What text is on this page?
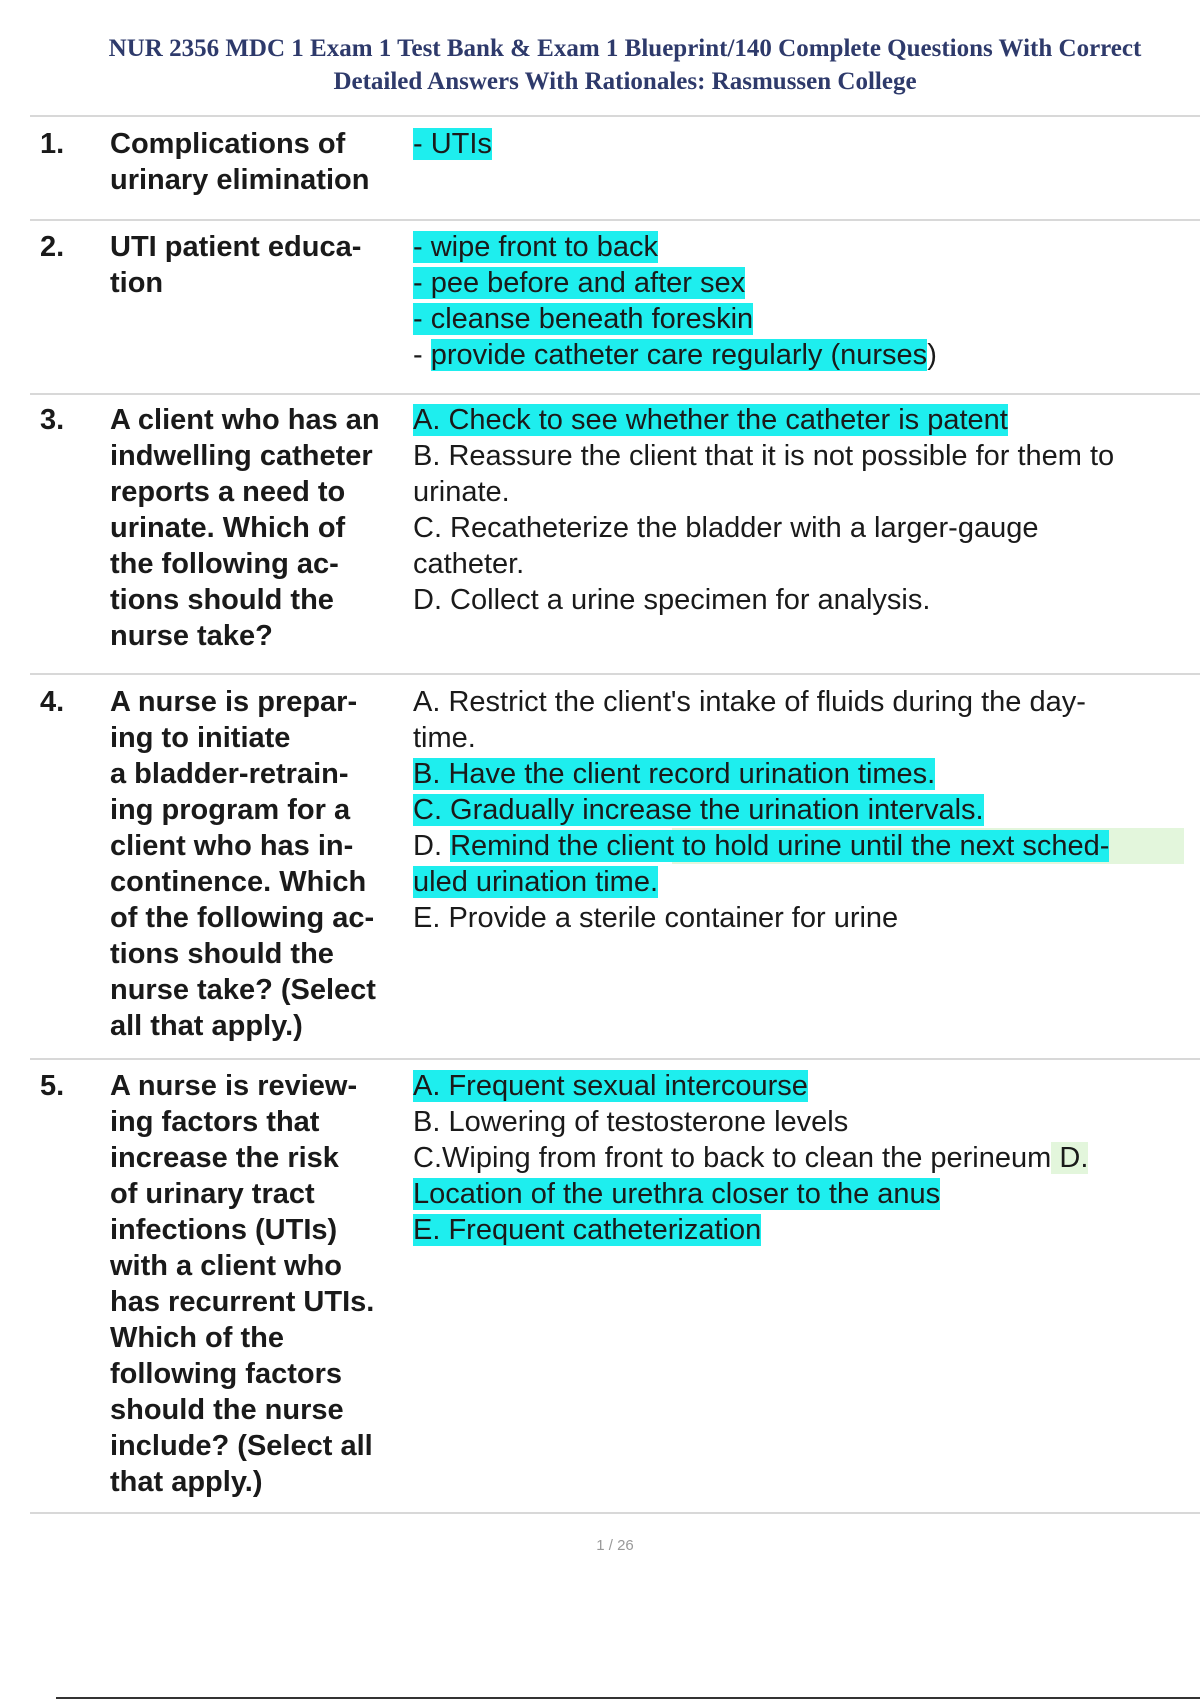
NUR 2356 MDC 1 Exam 1 Test Bank & Exam 1 Blueprint/140 Complete Questions With Correct
Detailed Answers With Rationales: Rasmussen College
1. Complications of
urinary elimination
- UTIs
2. UTI patient educa-
tion
- wipe front to back
- pee before and after sex
- cleanse beneath foreskin
- provide catheter care regularly (nurses)
3. A client who has an
indwelling catheter
reports a need to
urinate. Which of
the following ac-
tions should the
nurse take?
A. Check to see whether the catheter is patent
B. Reassure the client that it is not possible for them to
urinate.
C. Recatheterize the bladder with a larger-gauge
catheter.
D. Collect a urine specimen for analysis.
4. A nurse is prepar-
ing to initiate
a bladder-retrain-
ing program for a
client who has in-
continence. Which
of the following ac-
tions should the
nurse take? (Select
all that apply.)
A. Restrict the client's intake of fluids during the day-
time.
B. Have the client record urination times.
C. Gradually increase the urination intervals.
D. Remind the client to hold urine until the next sched-
uled urination time.
E. Provide a sterile container for urine
5. A nurse is review-
ing factors that
increase the risk
of urinary tract
infections (UTIs)
with a client who
has recurrent UTIs.
Which of the
following factors
should the nurse
include? (Select all
that apply.)
A. Frequent sexual intercourse
B. Lowering of testosterone levels
C.Wiping from front to back to clean the perineum D.
Location of the urethra closer to the anus
E. Frequent catheterization
1 / 26
